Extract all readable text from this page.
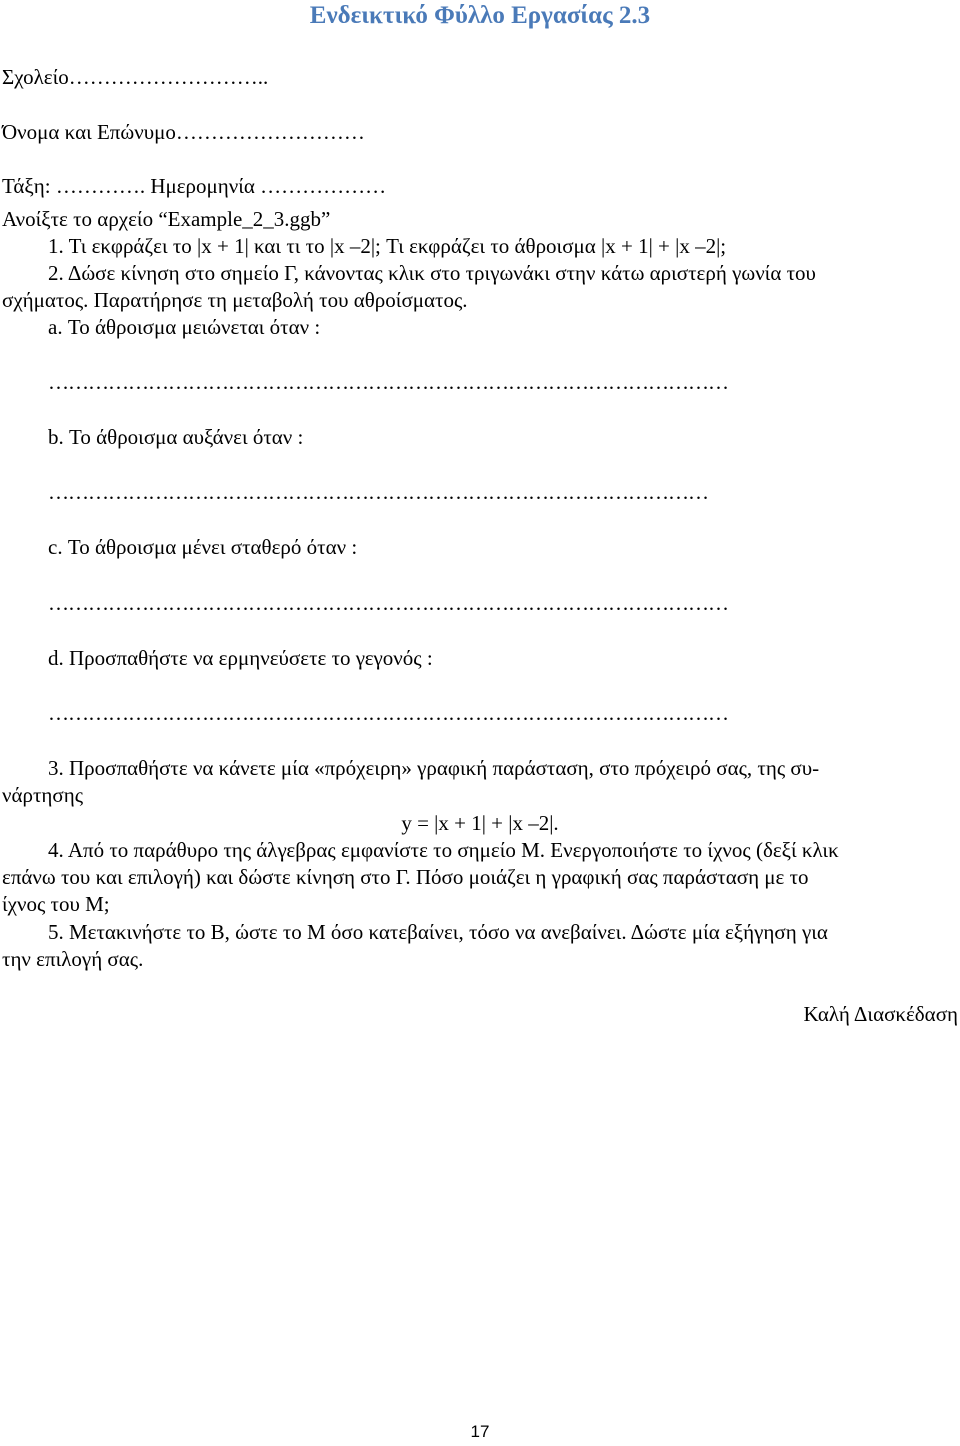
Ενδεικτικό Φύλλο Εργασίας 2.3
Σχολείο………………………..
Όνομα και Επώνυμο………………………
Τάξη: …………. Ημερομηνία ………………
Ανοίξτε το αρχείο “Example_2_3.ggb”
1. Τι εκφράζει το |x + 1| και τι το |x –2|; Τι εκφράζει το άθροισμα |x + 1| + |x –2|;
2. Δώσε κίνηση στο σημείο Γ, κάνοντας κλικ στο τριγωνάκι στην κάτω αριστερή γωνία του
σχήματος. Παρατήρησε τη μεταβολή του αθροίσματος.
a. Το άθροισμα μειώνεται όταν :
…………………………………………………………………………………………
b. Το άθροισμα αυξάνει όταν :
………………………………………………………………………………………
c. Το άθροισμα μένει σταθερό όταν :
…………………………………………………………………………………………
d. Προσπαθήστε να ερμηνεύσετε το γεγονός :
…………………………………………………………………………………………
3. Προσπαθήστε να κάνετε μία «πρόχειρη» γραφική παράσταση, στο πρόχειρό σας, της συ-
νάρτησης
y = |x + 1| + |x –2|.
4. Από το παράθυρο της άλγεβρας εμφανίστε το σημείο Μ. Ενεργοποιήστε το ίχνος (δεξί κλικ
επάνω του και επιλογή) και δώστε κίνηση στο Γ. Πόσο μοιάζει η γραφική σας παράσταση με το
ίχνος του Μ;
5. Μετακινήστε το Β, ώστε το Μ όσο κατεβαίνει, τόσο να ανεβαίνει. Δώστε μία εξήγηση για
την επιλογή σας.
Καλή Διασκέδαση
17
